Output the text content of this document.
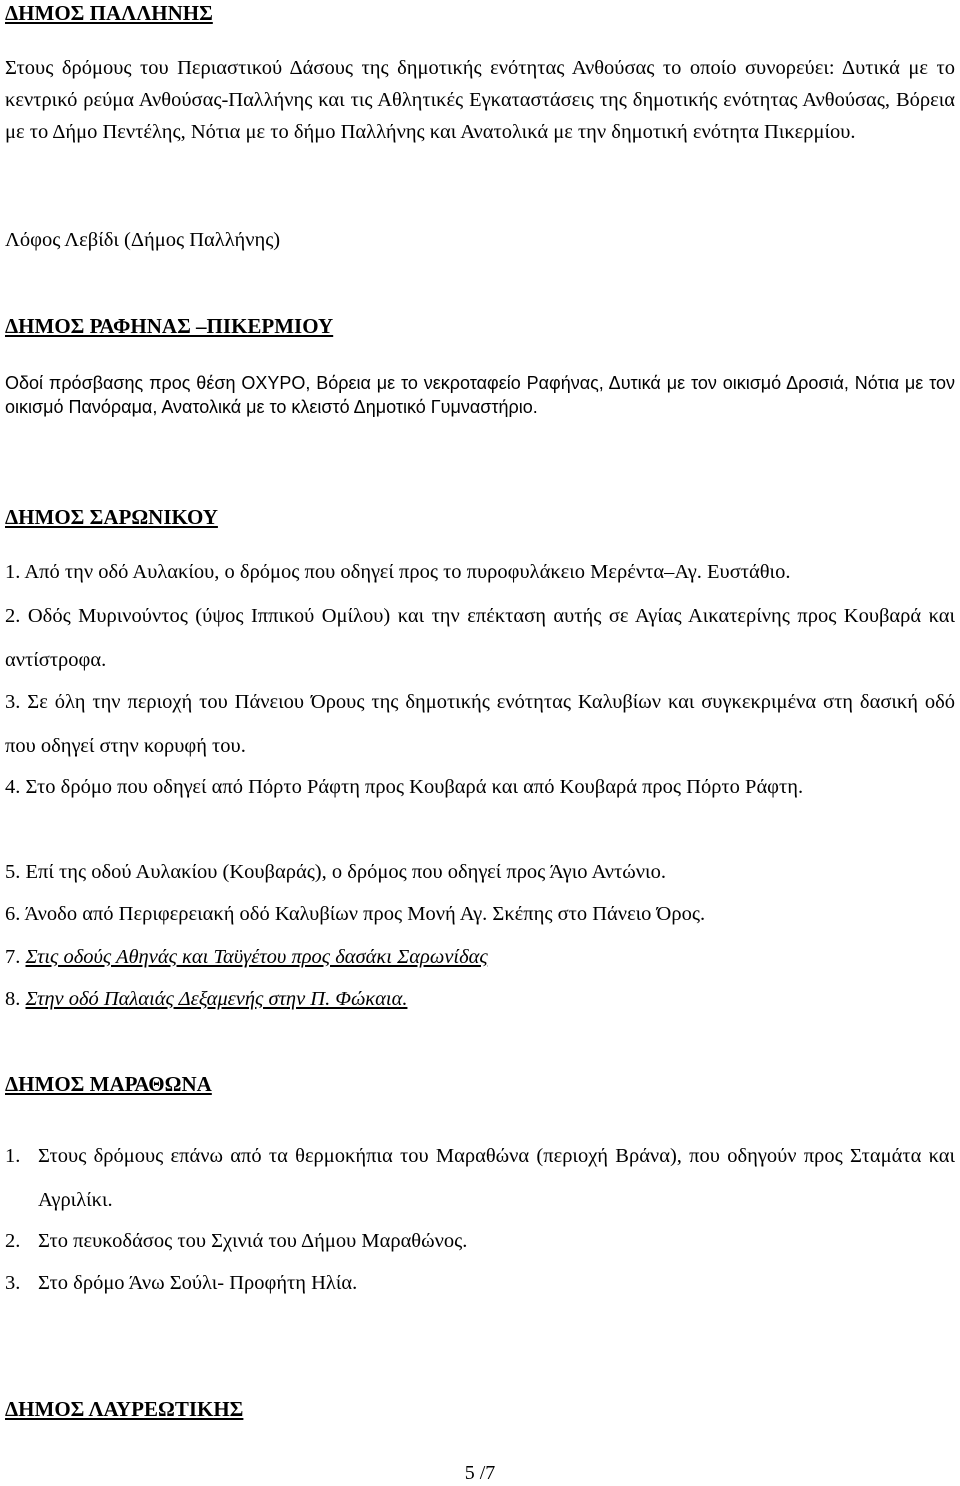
ΔΗΜΟΣ ΠΑΛΛΗΝΗΣ

Στους δρόμους του Περιαστικού Δάσους της δημοτικής ενότητας Ανθούσας το οποίο συνορεύει: Δυτικά με το κεντρικό ρεύμα Ανθούσας-Παλλήνης και τις Αθλητικές Εγκαταστάσεις της δημοτικής ενότητας Ανθούσας, Βόρεια με το Δήμο Πεντέλης, Νότια με το δήμο Παλλήνης και Ανατολικά με την δημοτική ενότητα Πικερμίου.

Λόφος Λεβίδι (Δήμος Παλλήνης)
ΔΗΜΟΣ ΡΑΦΗΝΑΣ –ΠΙΚΕΡΜΙΟΥ

Οδοί πρόσβασης προς θέση ΟΧΥΡΟ, Βόρεια με το νεκροταφείο Ραφήνας, Δυτικά με τον οικισμό Δροσιά, Νότια με τον οικισμό Πανόραμα, Ανατολικά με το κλειστό Δημοτικό Γυμναστήριο.

ΔΗΜΟΣ ΣΑΡΩΝΙΚΟΥ
1. Από την οδό Αυλακίου, ο δρόμος που οδηγεί προς το πυροφυλάκειο Μερέντα–Αγ. Ευστάθιο.
2. Οδός Μυρινούντος (ύψος Ιππικού Ομίλου) και την επέκταση αυτής σε Αγίας Αικατερίνης προς Κουβαρά και αντίστροφα.
3. Σε όλη την περιοχή του Πάνειου Όρους της δημοτικής ενότητας Καλυβίων και συγκεκριμένα στη δασική οδό που οδηγεί στην κορυφή του.
4. Στο δρόμο που οδηγεί από Πόρτο Ράφτη προς Κουβαρά και από Κουβαρά προς Πόρτο Ράφτη.
5. Επί της οδού Αυλακίου (Κουβαράς), ο δρόμος που οδηγεί προς Άγιο Αντώνιο.
6. Άνοδο από Περιφερειακή οδό Καλυβίων προς Μονή Αγ. Σκέπης στο Πάνειο Όρος.
7. Στις οδούς Αθηνάς και Ταϋγέτου προς δασάκι Σαρωνίδας
8. Στην οδό Παλαιάς Δεξαμενής στην Π. Φώκαια.
ΔΗΜΟΣ ΜΑΡΑΘΩΝΑ
1. Στους δρόμους επάνω από τα θερμοκήπια του Μαραθώνα (περιοχή Βράνα), που οδηγούν προς Σταμάτα και Αγριλίκι.
2. Στο πευκοδάσος του Σχινιά του Δήμου Μαραθώνος.
3. Στο δρόμο Άνω Σούλι- Προφήτη Ηλία.
ΔΗΜΟΣ ΛΑΥΡΕΩΤΙΚΗΣ
5 /7
